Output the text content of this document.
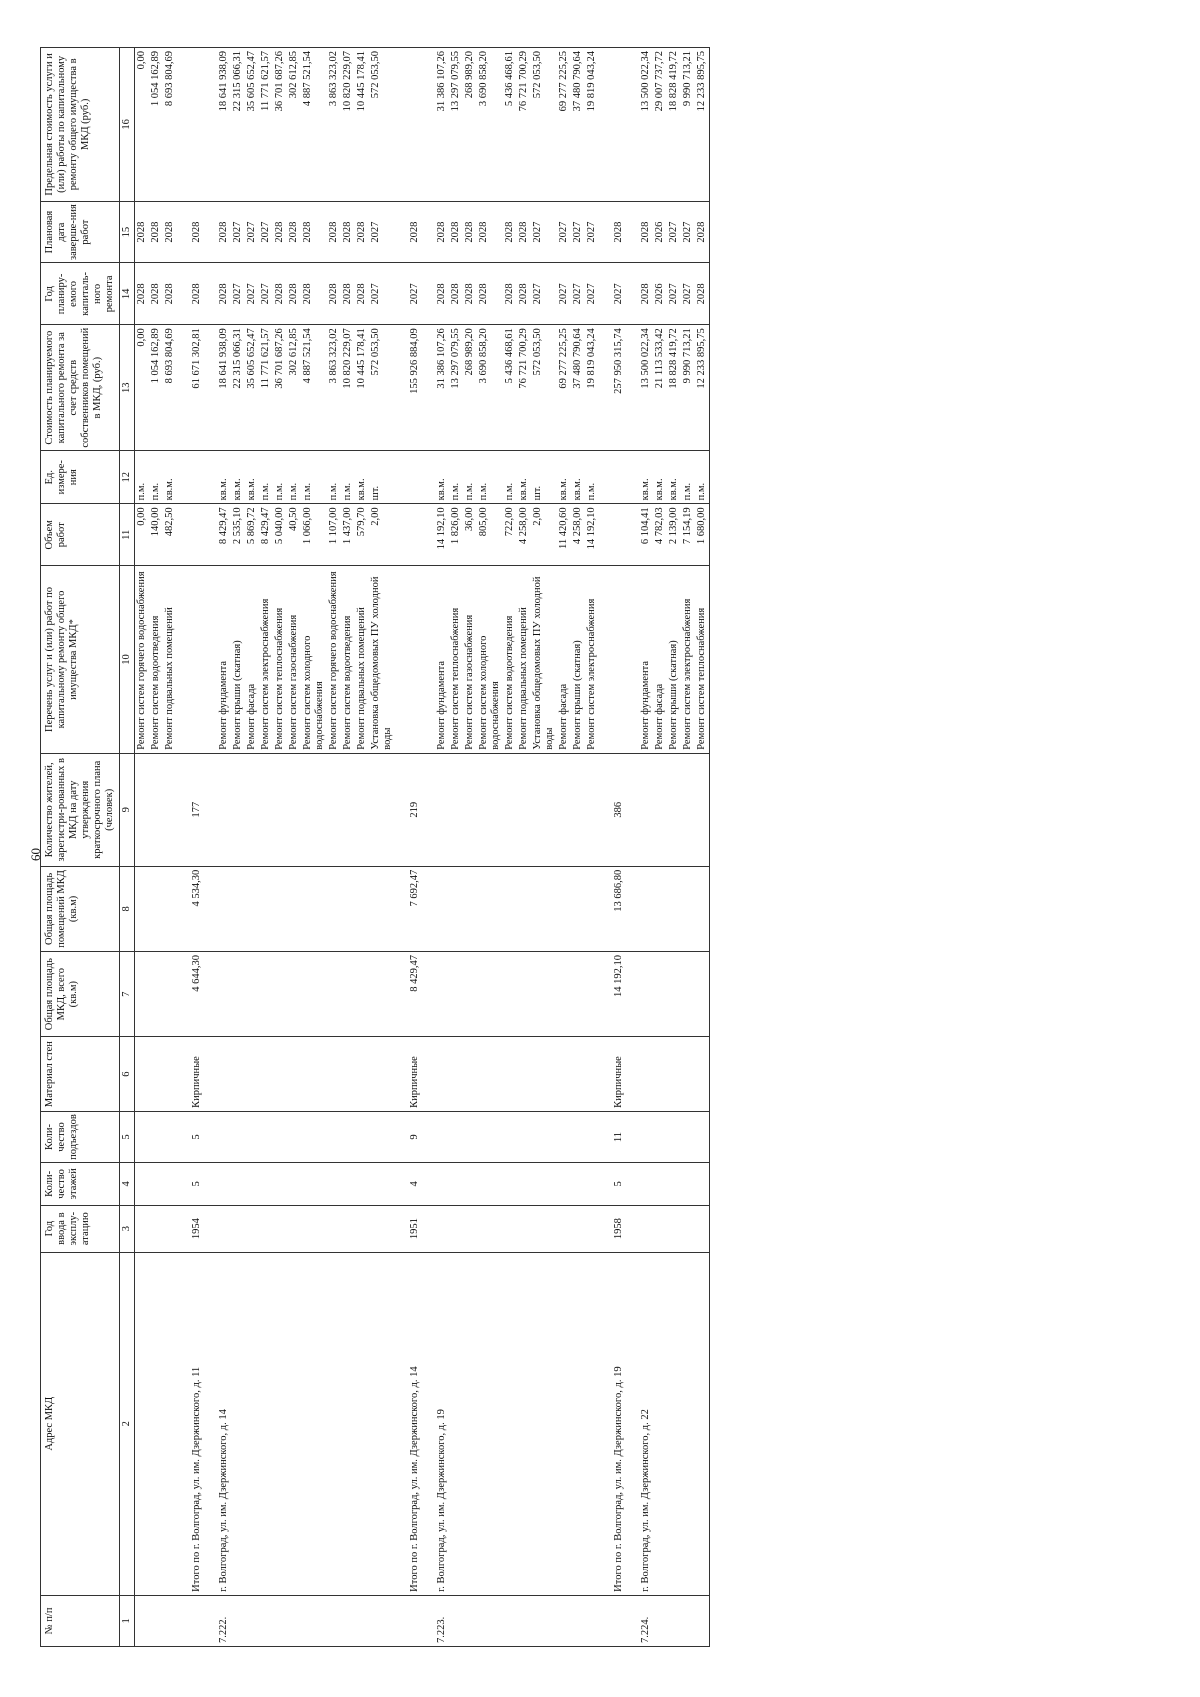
60
№ п/п	Адрес МКД	Год ввода в эксплу-атацию	Коли-чество этажей	Коли-чество подъездов	Материал стен	Общая площадь МКД, всего (кв.м)	Общая площадь помещений МКД (кв.м)	Количество жителей, зарегистри-рованных в МКД на дату утверждения краткосрочного плана (человек)	Перечень услуг и (или) работ по капитальному ремонту общего имущества МКД*	Объем работ	Ед. измере-ния	Стоимость планируемого капитального ремонта за счет средств собственников помещений в МКД, (руб.)	Год планиру-емого капиталь-ного ремонта	Плановая дата заверше-ния работ	Предельная стоимость услуги и (или) работы по капитальному ремонту общего имущества в МКД (руб.)
1	2	3	4	5	6	7	8	9	10	11	12	13	14	15	16
									Ремонт систем горячего водоснабжения	0,00	п.м.	0,00	2028	2028	0,00
									Ремонт систем водоотведения	140,00	п.м.	1 054 162,89	2028	2028	1 054 162,89
									Ремонт подвальных помещений	482,50	кв.м.	8 693 804,69	2028	2028	8 693 804,69
	Итого по г. Волгоград, ул. им. Дзержинского, д. 11	1954	5	5	Кирпичные	4 644,30	4 534,30	177				61 671 302,81	2028	2028	
7.222.	г. Волгоград, ул. им. Дзержинского, д. 14								Ремонт фундамента	8 429,47	кв.м.	18 641 938,09	2028	2028	18 641 938,09
									Ремонт крыши (скатная)	2 535,10	кв.м.	22 315 066,31	2027	2027	22 315 066,31
									Ремонт фасада	5 869,72	кв.м.	35 605 652,47	2027	2027	35 605 652,47
									Ремонт систем электроснабжения	8 429,47	п.м.	11 771 621,57	2027	2027	11 771 621,57
									Ремонт систем теплоснабжения	5 040,00	п.м.	36 701 687,26	2028	2028	36 701 687,26
									Ремонт систем газоснабжения	40,50	п.м.	302 612,85	2028	2028	302 612,85
									Ремонт систем холодного водоснабжения	1 066,00	п.м.	4 887 521,54	2028	2028	4 887 521,54
									Ремонт систем горячего водоснабжения	1 107,00	п.м.	3 863 323,02	2028	2028	3 863 323,02
									Ремонт систем водоотведения	1 437,00	п.м.	10 820 229,07	2028	2028	10 820 229,07
									Ремонт подвальных помещений	579,70	кв.м.	10 445 178,41	2028	2028	10 445 178,41
									Установка общедомовых ПУ холодной воды	2,00	шт.	572 053,50	2027	2027	572 053,50
	Итого по г. Волгоград, ул. им. Дзержинского, д. 14	1951	4	9	Кирпичные	8 429,47	7 692,47	219				155 926 884,09	2027	2028	
7.223.	г. Волгоград, ул. им. Дзержинского, д. 19								Ремонт фундамента	14 192,10	кв.м.	31 386 107,26	2028	2028	31 386 107,26
									Ремонт систем теплоснабжения	1 826,00	п.м.	13 297 079,55	2028	2028	13 297 079,55
									Ремонт систем газоснабжения	36,00	п.м.	268 989,20	2028	2028	268 989,20
									Ремонт систем холодного водоснабжения	805,00	п.м.	3 690 858,20	2028	2028	3 690 858,20
									Ремонт систем водоотведения	722,00	п.м.	5 436 468,61	2028	2028	5 436 468,61
									Ремонт подвальных помещений	4 258,00	кв.м.	76 721 700,29	2028	2028	76 721 700,29
									Установка общедомовых ПУ холодной воды	2,00	шт.	572 053,50	2027	2027	572 053,50
									Ремонт фасада	11 420,60	кв.м.	69 277 225,25	2027	2027	69 277 225,25
									Ремонт крыши (скатная)	4 258,00	кв.м.	37 480 790,64	2027	2027	37 480 790,64
									Ремонт систем электроснабжения	14 192,10	п.м.	19 819 043,24	2027	2027	19 819 043,24
	Итого по г. Волгоград, ул. им. Дзержинского, д. 19	1958	5	11	Кирпичные	14 192,10	13 686,80	386				257 950 315,74	2027	2028	
7.224.	г. Волгоград, ул. им. Дзержинского, д. 22								Ремонт фундамента	6 104,41	кв.м.	13 500 022,34	2028	2028	13 500 022,34
									Ремонт фасада	4 782,03	кв.м.	21 113 533,42	2026	2026	29 007 737,72
									Ремонт крыши (скатная)	2 139,00	кв.м.	18 828 419,72	2027	2027	18 828 419,72
									Ремонт систем электроснабжения	7 154,19	п.м.	9 990 713,21	2027	2027	9 990 713,21
									Ремонт систем теплоснабжения	1 680,00	п.м.	12 233 895,75	2028	2028	12 233 895,75
